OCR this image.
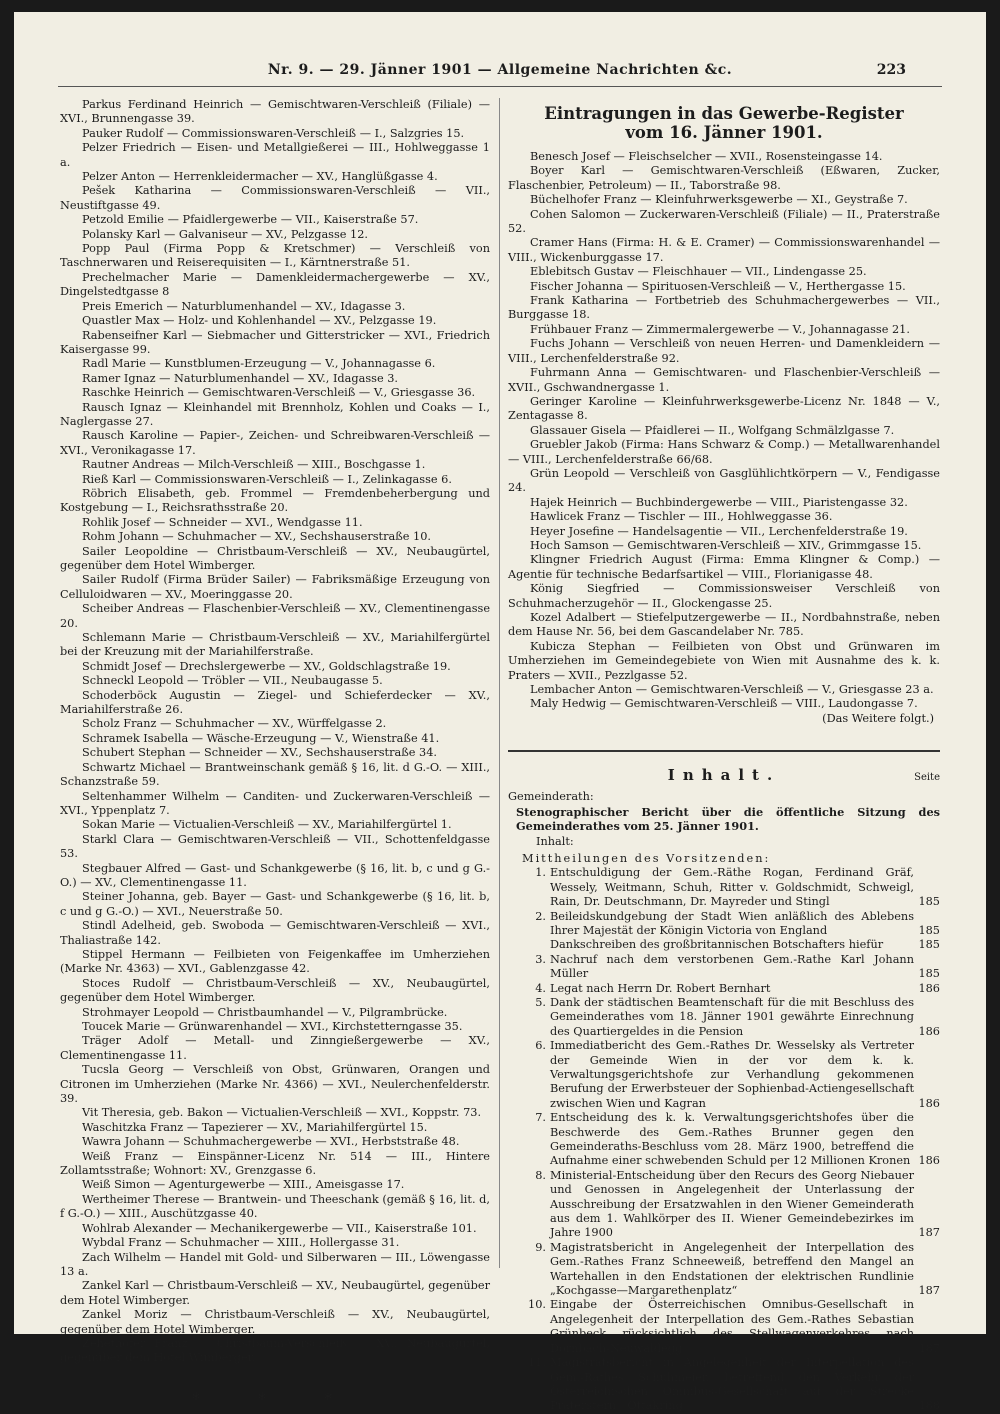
Nr. 9. — 29. Jänner 1901 — Allgemeine Nachrichten &c.	223

Parkus Ferdinand Heinrich — Gemischtwaren-Verschleiß (Filiale) — XVI., Brunnengasse 39.

Pauker Rudolf — Commissionswaren-Verschleiß — I., Salzgries 15.

Pelzer Friedrich — Eisen- und Metallgießerei — III., Hohlweggasse 1 a.

Pelzer Anton — Herrenkleidermacher — XV., Hanglüßgasse 4.

Pešek Katharina — Commissionswaren-Verschleiß — VII., Neustiftgasse 49.

Petzold Emilie — Pfaidlergewerbe — VII., Kaiserstraße 57.

Polansky Karl — Galvaniseur — XV., Pelzgasse 12.

Popp Paul (Firma Popp & Kretschmer) — Verschleiß von Taschnerwaren und Reiserequisiten — I., Kärntnerstraße 51.

Prechelmacher Marie — Damenkleidermachergewerbe — XV., Dingelstedtgasse 8

Preis Emerich — Naturblumenhandel — XV., Idagasse 3.

Quastler Max — Holz- und Kohlenhandel — XV., Pelzgasse 19.

Rabenseifner Karl — Siebmacher und Gitterstricker — XVI., Friedrich Kaisergasse 99.

Radl Marie — Kunstblumen-Erzeugung — V., Johannagasse 6.

Ramer Ignaz — Naturblumenhandel — XV., Idagasse 3.

Raschke Heinrich — Gemischtwaren-Verschleiß — V., Griesgasse 36.

Rausch Ignaz — Kleinhandel mit Brennholz, Kohlen und Coaks — I., Naglergasse 27.

Rausch Karoline — Papier-, Zeichen- und Schreibwaren-Verschleiß — XVI., Veronikagasse 17.

Rautner Andreas — Milch-Verschleiß — XIII., Boschgasse 1.

Rieß Karl — Commissionswaren-Verschleiß — I., Zelinkagasse 6.

Röbrich Elisabeth, geb. Frommel — Fremdenbeherbergung und Kostgebung — I., Reichsrathsstraße 20.

Rohlik Josef — Schneider — XVI., Wendgasse 11.

Rohm Johann — Schuhmacher — XV., Sechshauserstraße 10.

Sailer Leopoldine — Christbaum-Verschleiß — XV., Neubaugürtel, gegenüber dem Hotel Wimberger.

Sailer Rudolf (Firma Brüder Sailer) — Fabriksmäßige Erzeugung von Celluloidwaren — XV., Moeringgasse 20.

Scheiber Andreas — Flaschenbier-Verschleiß — XV., Clementinengasse 20.

Schlemann Marie — Christbaum-Verschleiß — XV., Mariahilfergürtel bei der Kreuzung mit der Mariahilferstraße.

Schmidt Josef — Drechslergewerbe — XV., Goldschlagstraße 19.

Schneckl Leopold — Tröbler — VII., Neubaugasse 5.

Schoderböck Augustin — Ziegel- und Schieferdecker — XV., Mariahilferstraße 26.

Scholz Franz — Schuhmacher — XV., Würffelgasse 2.

Schramek Isabella — Wäsche-Erzeugung — V., Wienstraße 41.

Schubert Stephan — Schneider — XV., Sechshauserstraße 34.

Schwartz Michael — Brantweinschank gemäß § 16, lit. d G.-O. — XIII., Schanzstraße 59.

Seltenhammer Wilhelm — Canditen- und Zuckerwaren-Verschleiß — XVI., Yppenplatz 7.

Sokan Marie — Victualien-Verschleiß — XV., Mariahilfergürtel 1.

Starkl Clara — Gemischtwaren-Verschleiß — VII., Schottenfeldgasse 53.

Stegbauer Alfred — Gast- und Schankgewerbe (§ 16, lit. b, c und g G.-O.) — XV., Clementinengasse 11.

Steiner Johanna, geb. Bayer — Gast- und Schankgewerbe (§ 16, lit. b, c und g G.-O.) — XVI., Neuerstraße 50.

Stindl Adelheid, geb. Swoboda — Gemischtwaren-Verschleiß — XVI., Thaliastraße 142.

Stippel Hermann — Feilbieten von Feigenkaffee im Umherziehen (Marke Nr. 4363) — XVI., Gablenzgasse 42.

Stoces Rudolf — Christbaum-Verschleiß — XV., Neubaugürtel, gegenüber dem Hotel Wimberger.

Strohmayer Leopold — Christbaumhandel — V., Pilgrambrücke.

Toucek Marie — Grünwarenhandel — XVI., Kirchstetterngasse 35.

Träger Adolf — Metall- und Zinngießergewerbe — XV., Clementinengasse 11.

Tucsla Georg — Verschleiß von Obst, Grünwaren, Orangen und Citronen im Umherziehen (Marke Nr. 4366) — XVI., Neulerchenfelderstr. 39.

Vit Theresia, geb. Bakon — Victualien-Verschleiß — XVI., Koppstr. 73.

Waschitzka Franz — Tapezierer — XV., Mariahilfergürtel 15.

Wawra Johann — Schuhmachergewerbe — XVI., Herbststraße 48.

Weiß Franz — Einspänner-Licenz Nr. 514 — III., Hintere Zollamtsstraße; Wohnort: XV., Grenzgasse 6.

Weiß Simon — Agenturgewerbe — XIII., Ameisgasse 17.

Wertheimer Therese — Brantwein- und Theeschank (gemäß § 16, lit. d, f G.-O.) — XIII., Auschützgasse 40.

Wohlrab Alexander — Mechanikergewerbe — VII., Kaiserstraße 101.

Wybdal Franz — Schuhmacher — XIII., Hollergasse 31.

Zach Wilhelm — Handel mit Gold- und Silberwaren — III., Löwengasse 13 a.

Zankel Karl — Christbaum-Verschleiß — XV., Neubaugürtel, gegenüber dem Hotel Wimberger.

Zankel Moriz — Christbaum-Verschleiß — XV., Neubaugürtel, gegenüber dem Hotel Wimberger.

Zehethofer Franz — Christbaum-Verschleiß — XV., Neubaugürtel, gegenüber dem Hotel Wimberger.

* * *
Eintragungen in das Gewerbe-Register
vom 16. Jänner 1901.

Benesch Josef — Fleischselcher — XVII., Rosensteingasse 14.

Boyer Karl — Gemischtwaren-Verschleiß (Eßwaren, Zucker, Flaschenbier, Petroleum) — II., Taborstraße 98.

Büchelhofer Franz — Kleinfuhrwerksgewerbe — XI., Geystraße 7.

Cohen Salomon — Zuckerwaren-Verschleiß (Filiale) — II., Praterstraße 52.

Cramer Hans (Firma: H. & E. Cramer) — Commissionswarenhandel — VIII., Wickenburggasse 17.

Eblebitsch Gustav — Fleischhauer — VII., Lindengasse 25.

Fischer Johanna — Spirituosen-Verschleiß — V., Herthergasse 15.

Frank Katharina — Fortbetrieb des Schuhmachergewerbes — VII., Burggasse 18.

Frühbauer Franz — Zimmermalergewerbe — V., Johannagasse 21.

Fuchs Johann — Verschleiß von neuen Herren- und Damenkleidern — VIII., Lerchenfelderstraße 92.

Fuhrmann Anna — Gemischtwaren- und Flaschenbier-Verschleiß — XVII., Gschwandnergasse 1.

Geringer Karoline — Kleinfuhrwerksgewerbe-Licenz Nr. 1848 — V., Zentagasse 8.

Glassauer Gisela — Pfaidlerei — II., Wolfgang Schmälzlgasse 7.

Gruebler Jakob (Firma: Hans Schwarz & Comp.) — Metallwarenhandel — VIII., Lerchenfelderstraße 66/68.

Grün Leopold — Verschleiß von Gasglühlichtkörpern — V., Fendigasse 24.

Hajek Heinrich — Buchbindergewerbe — VIII., Piaristengasse 32.

Hawlicek Franz — Tischler — III., Hohlweggasse 36.

Heyer Josefine — Handelsagentie — VII., Lerchenfelderstraße 19.

Hoch Samson — Gemischtwaren-Verschleiß — XIV., Grimmgasse 15.

Klingner Friedrich August (Firma: Emma Klingner & Comp.) — Agentie für technische Bedarfsartikel — VIII., Florianigasse 48.

König Siegfried — Commissionsweiser Verschleiß von Schuhmacherzugehör — II., Glockengasse 25.

Kozel Adalbert — Stiefelputzergewerbe — II., Nordbahnstraße, neben dem Hause Nr. 56, bei dem Gascandelaber Nr. 785.

Kubicza Stephan — Feilbieten von Obst und Grünwaren im Umherziehen im Gemeindegebiete von Wien mit Ausnahme des k. k. Praters — XVII., Pezzlgasse 52.

Lembacher Anton — Gemischtwaren-Verschleiß — V., Griesgasse 23 a.

Maly Hedwig — Gemischtwaren-Verschleiß — VIII., Laudongasse 7.

(Das Weitere folgt.)

Inhalt.	Seite

Gemeinderath:

Stenographischer Bericht über die öffentliche Sitzung des Gemeinderathes vom 25. Jänner 1901.

Inhalt:

Mittheilungen des Vorsitzenden:

1. Entschuldigung der Gem.-Räthe Rogan, Ferdinand Gräf, Wessely, Weitmann, Schuh, Ritter v. Goldschmidt, Schweigl, Rain, Dr. Deutschmann, Dr. Mayreder und Stingl	185
2. Beileidskundgebung der Stadt Wien anläßlich des Ablebens Ihrer Majestät der Königin Victoria von England	185
Dankschreiben des großbritannischen Botschafters hiefür	185
3. Nachruf nach dem verstorbenen Gem.-Rathe Karl Johann Müller	185
4. Legat nach Herrn Dr. Robert Bernhart	186
5. Dank der städtischen Beamtenschaft für die mit Beschluss des Gemeinderathes vom 18. Jänner 1901 gewährte Einrechnung des Quartiergeldes in die Pension	186
6. Immediatbericht des Gem.-Rathes Dr. Wesselsky als Vertreter der Gemeinde Wien in der vor dem k. k. Verwaltungsgerichtshofe zur Verhandlung gekommenen Berufung der Erwerbsteuer der Sophienbad-Actiengesellschaft zwischen Wien und Kagran	186
7. Entscheidung des k. k. Verwaltungsgerichtshofes über die Beschwerde des Gem.-Rathes Brunner gegen den Gemeinderaths-Beschluss vom 28. März 1900, betreffend die Aufnahme einer schwebenden Schuld per 12 Millionen Kronen 186
8. Ministerial-Entscheidung über den Recurs des Georg Niebauer und Genossen in Angelegenheit der Unterlassung der Ausschreibung der Ersatzwahlen in den Wiener Gemeinderath aus dem 1. Wahlkörper des II. Wiener Gemeindebezirkes im Jahre 1900	187
9. Magistratsbericht in Angelegenheit der Interpellation des Gem.-Rathes Franz Schneeweiß, betreffend den Mangel an Wartehallen in den Endstationen der elektrischen Rundlinie „Kochgasse—Margarethenplatz“	187
10. Eingabe der Österreichischen Omnibus-Gesellschaft in Angelegenheit der Interpellation des Gem.-Rathes Sebastian Grünbeck rücksichtlich des Stellwagenverkehres nach Dornbach-Neuwaldegg	187
11. Magistratsbericht in Angelegenheit der Interpellation des Gem.-Rathes Schuhmeier, betreffend den Verkehr der Österreichischen Omnibus-Gesellschaft auf der Strecke Praterstern—Ottakring	188
